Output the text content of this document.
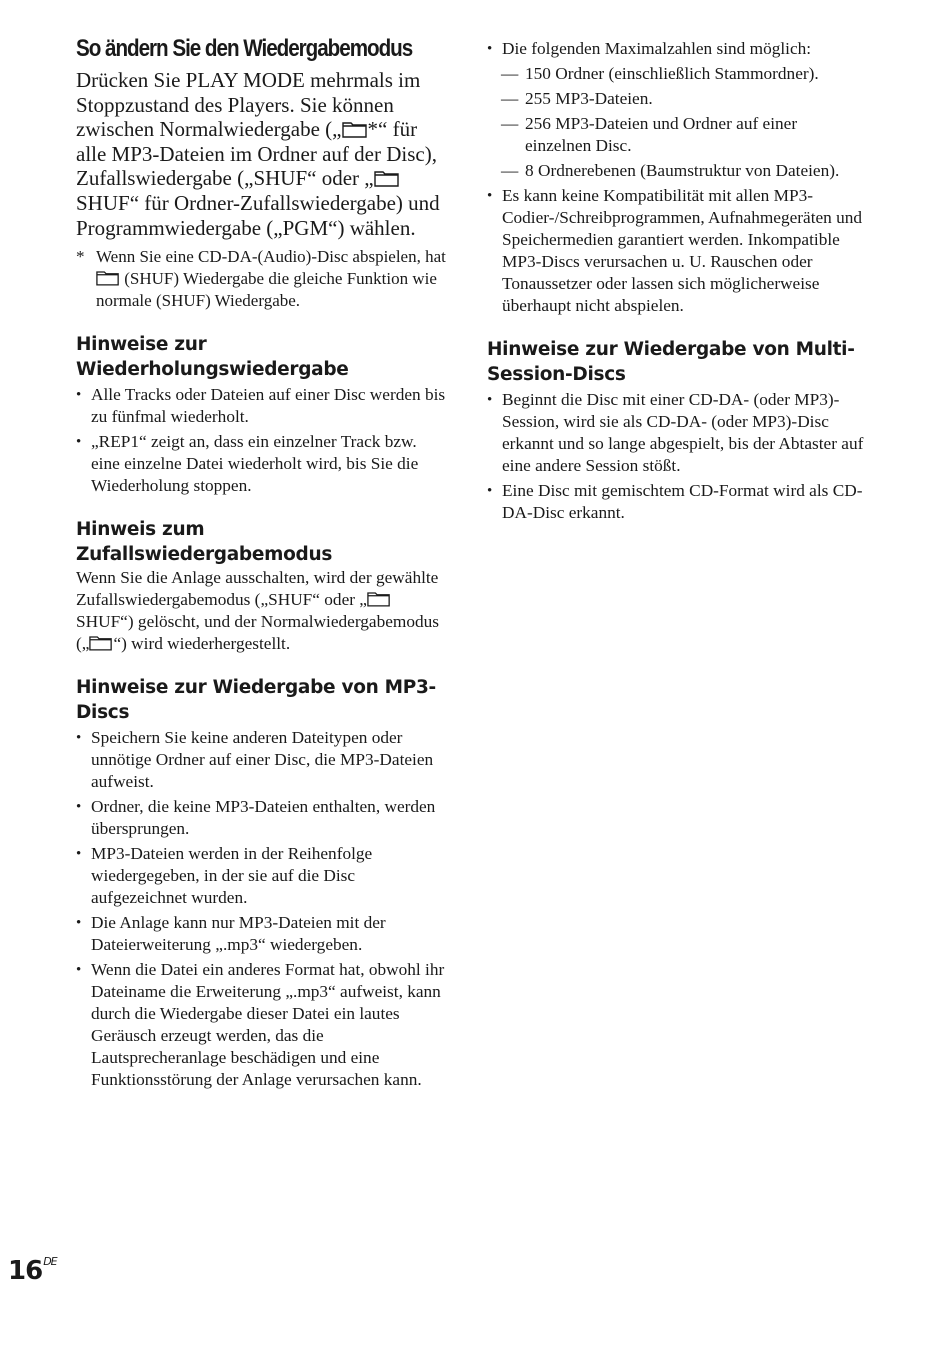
So ändern Sie den Wiedergabemodus

Drücken Sie PLAY MODE mehrmals im Stoppzustand des Players. Sie können zwischen Normalwiedergabe („ *“ für alle MP3-Dateien im Ordner auf der Disc), Zufallswiedergabe („SHUF“ oder „ SHUF“ für Ordner-Zufallswiedergabe) und Programmwiedergabe („PGM“) wählen.

* Wenn Sie eine CD-DA-(Audio)-Disc abspielen, hat  (SHUF) Wiedergabe die gleiche Funktion wie normale (SHUF) Wiedergabe.
Hinweise zur Wiederholungswiedergabe
• Alle Tracks oder Dateien auf einer Disc werden bis zu fünfmal wiederholt.
• „REP1“ zeigt an, dass ein einzelner Track bzw. eine einzelne Datei wiederholt wird, bis Sie die Wiederholung stoppen.
Hinweis zum Zufallswiedergabemodus

Wenn Sie die Anlage ausschalten, wird der gewählte Zufallswiedergabemodus („SHUF“ oder „ SHUF“) gelöscht, und der Normalwiedergabemodus („ “) wird wiederhergestellt.

Hinweise zur Wiedergabe von MP3-Discs
• Speichern Sie keine anderen Dateitypen oder unnötige Ordner auf einer Disc, die MP3-Dateien aufweist.
• Ordner, die keine MP3-Dateien enthalten, werden übersprungen.
• MP3-Dateien werden in der Reihenfolge wiedergegeben, in der sie auf die Disc aufgezeichnet wurden.
• Die Anlage kann nur MP3-Dateien mit der Dateierweiterung „.mp3“ wiedergeben.
• Wenn die Datei ein anderes Format hat, obwohl ihr Dateiname die Erweiterung „.mp3“ aufweist, kann durch die Wiedergabe dieser Datei ein lautes Geräusch erzeugt werden, das die Lautsprecheranlage beschädigen und eine Funktionsstörung der Anlage verursachen kann.
• Die folgenden Maximalzahlen sind möglich:
— 150 Ordner (einschließlich Stammordner).
— 255 MP3-Dateien.
— 256 MP3-Dateien und Ordner auf einer einzelnen Disc.
— 8 Ordnerebenen (Baumstruktur von Dateien).
• Es kann keine Kompatibilität mit allen MP3-Codier-/Schreibprogrammen, Aufnahmegeräten und Speichermedien garantiert werden. Inkompatible MP3-Discs verursachen u. U. Rauschen oder Tonaussetzer oder lassen sich möglicherweise überhaupt nicht abspielen.
Hinweise zur Wiedergabe von Multi-Session-Discs
• Beginnt die Disc mit einer CD-DA- (oder MP3)-Session, wird sie als CD-DA- (oder MP3)-Disc erkannt und so lange abgespielt, bis der Abtaster auf eine andere Session stößt.
• Eine Disc mit gemischtem CD-Format wird als CD-DA-Disc erkannt.
16DE
